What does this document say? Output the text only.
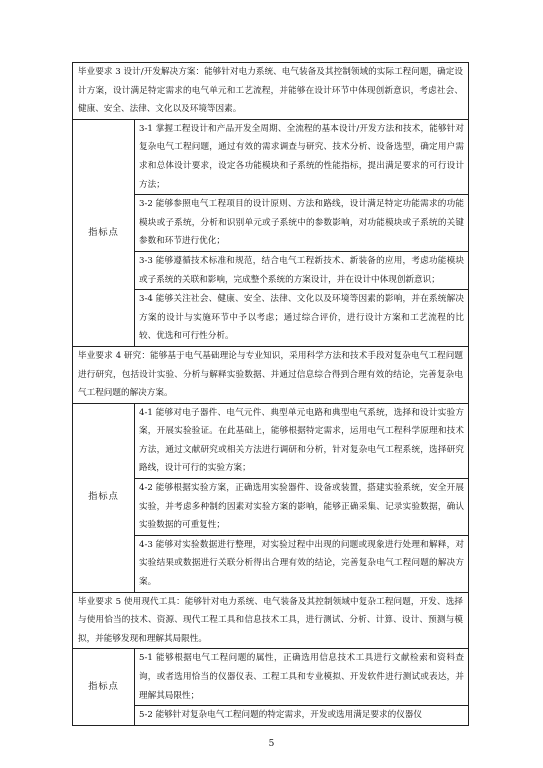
毕业要求 3 设计/开发解决方案：能够针对电力系统、电气装备及其控制领域的实际工程问题，确定设计方案，设计满足特定需求的电气单元和工艺流程，并能够在设计环节中体现创新意识，考虑社会、健康、安全、法律、文化以及环境等因素。	
指标点	3-1 掌握工程设计和产品开发全周期、全流程的基本设计/开发方法和技术，能够针对复杂电气工程问题，通过有效的需求调查与研究、技术分析、设备选型，确定用户需求和总体设计要求，设定各功能模块和子系统的性能指标，提出满足要求的可行设计方法；
	3-2 能够参照电气工程项目的设计原则、方法和路线，设计满足特定功能需求的功能模块或子系统，分析和识别单元或子系统中的参数影响，对功能模块或子系统的关键参数和环节进行优化；
	3-3 能够遵循技术标准和规范，结合电气工程新技术、新装备的应用，考虑功能模块或子系统的关联和影响，完成整个系统的方案设计，并在设计中体现创新意识；
	3-4 能够关注社会、健康、安全、法律、文化以及环境等因素的影响，并在系统解决方案的设计与实施环节中予以考虑；通过综合评价，进行设计方案和工艺流程的比较、优选和可行性分析。
毕业要求 4 研究：能够基于电气基础理论与专业知识，采用科学方法和技术手段对复杂电气工程问题进行研究，包括设计实验、分析与解释实验数据、并通过信息综合得到合理有效的结论，完善复杂电气工程问题的解决方案。	
指标点	4-1 能够对电子器件、电气元件、典型单元电路和典型电气系统，选择和设计实验方案，开展实验验证。在此基础上，能够根据特定需求，运用电气工程科学原理和技术方法，通过文献研究或相关方法进行调研和分析，针对复杂电气工程系统，选择研究路线，设计可行的实验方案；
	4-2 能够根据实验方案，正确选用实验器件、设备或装置，搭建实验系统，安全开展实验，并考虑多种制约因素对实验方案的影响，能够正确采集、记录实验数据，确认实验数据的可重复性；
	4-3 能够对实验数据进行整理，对实验过程中出现的问题或现象进行处理和解释，对实验结果或数据进行关联分析得出合理有效的结论，完善复杂电气工程问题的解决方案。
毕业要求 5 使用现代工具：能够针对电力系统、电气装备及其控制领域中复杂工程问题，开发、选择与使用恰当的技术、资源、现代工程工具和信息技术工具，进行测试、分析、计算、设计、预测与模拟，并能够发现和理解其局限性。	
指标点	5-1 能够根据电气工程问题的属性，正确选用信息技术工具进行文献检索和资料查询，或者选用恰当的仪器仪表、工程工具和专业模拟、开发软件进行测试或表达，并理解其局限性；
	5-2 能够针对复杂电气工程问题的特定需求，开发或选用满足要求的仪器仪
5
